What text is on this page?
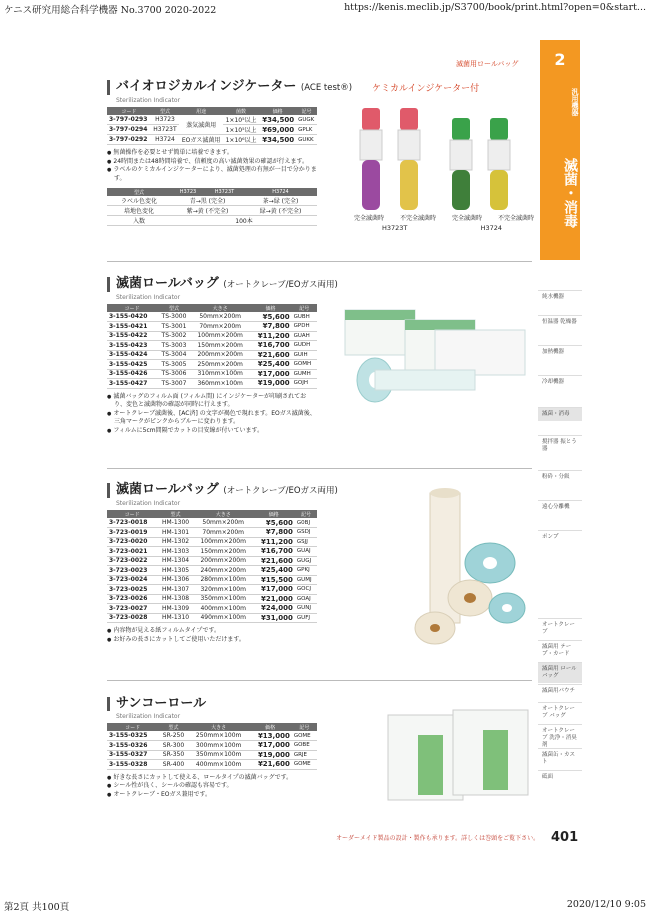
ケニス研究用総合科学機器 No.3700 2020-2022	https://kenis.meclib.jp/S3700/book/print.html?open=0&start...
滅菌用ロールバッグ
バイオロジカルインジケーター (ACE test®)
Sterilization Indicator
コード	型式	用途	菌数	価格	記号
3-797-0293	H3723	蒸気滅菌用	1×10⁵以上	¥34,500	GUGK
3-797-0294	H3723T		1×10⁵以上	¥69,000	GPLK
3-797-0292	H3724	EOガス滅菌用	1×10⁶以上	¥34,500	GUKK
● 無菌操作を必要とせず簡単に培養できます。
● 24時間または48時間培養で、信頼度の高い滅菌効果の確認が行えます。
● ラベルのケミカルインジケーターにより、滅菌処理の有無が一目で分かります。
型式	H3723	H3723T	H3724
ラベル色変化	青→黒 (完全)		茶→緑 (完全)
培地色変化	紫→黄 (不完全)		緑→黄 (不完全)
入数	100本		
ケミカルインジケーター付
完全滅菌時	不完全滅菌時	完全滅菌時	不完全滅菌時
H3723T	H3724
滅菌ロールバッグ (オートクレーブ/EOガス両用)
Sterilization Indicator
コード	型式	大きさ	価格	記号
3-155-0420	TS-3000	50mm×200m	¥5,600	GUBH
3-155-0421	TS-3001	70mm×200m	¥7,800	GPDH
3-155-0422	TS-3002	100mm×200m	¥11,200	GUAH
3-155-0423	TS-3003	150mm×200m	¥16,700	GUDH
3-155-0424	TS-3004	200mm×200m	¥21,600	GUIH
3-155-0425	TS-3005	250mm×200m	¥25,400	GOMH
3-155-0426	TS-3006	310mm×100m	¥17,000	GUMH
3-155-0427	TS-3007	360mm×100m	¥19,000	GOJH
● 滅菌バッグのフィルム面 (フィルム間) にインジケーターが印刷されており、変色と滅菌物の確認が同時に行えます。
● オートクレーブ滅菌後、[AC済] の文字が褐色で現れます。EOガス滅菌後、三角マークがピンクからブルーに変わります。
● フィルムに5cm間隔でカットの目安線が付いています。
滅菌ロールバッグ (オートクレーブ/EOガス両用)
Sterilization Indicator
コード	型式	大きさ	価格	記号
3-723-0018	HM-1300	50mm×200m	¥5,600	G0BJ
3-723-0019	HM-1301	70mm×200m	¥7,800	GSDJ
3-723-0020	HM-1302	100mm×200m	¥11,200	GSJJ
3-723-0021	HM-1303	150mm×200m	¥16,700	GUAJ
3-723-0022	HM-1304	200mm×200m	¥21,600	GUGJ
3-723-0023	HM-1305	240mm×200m	¥25,400	GPKJ
3-723-0024	HM-1306	280mm×100m	¥15,500	GUMJ
3-723-0025	HM-1307	320mm×100m	¥17,000	GOCJ
3-723-0026	HM-1308	350mm×100m	¥21,000	GOAJ
3-723-0027	HM-1309	400mm×100m	¥24,000	GUNJ
3-723-0028	HM-1310	490mm×100m	¥31,000	GUFJ
● 内容物が見える紙フィルムタイプです。
● お好みの長さにカットしてご使用いただけます。
サンコーロール
Sterilization Indicator
コード	型式	大きさ	価格	記号
3-155-0325	SR-250	250mm×100m	¥13,000	GOME
3-155-0326	SR-300	300mm×100m	¥17,000	GOBE
3-155-0327	SR-350	350mm×100m	¥19,000	GRJE
3-155-0328	SR-400	400mm×100m	¥21,600	GOME
● 好きな長さにカットして使える、ロールタイプの滅菌バッグです。
● シール性が良く、シールの確認も容易です。
● オートクレーブ・EOガス兼用です。
2
汎用機器
滅菌・消毒
純水機器
恒温器 乾燥器
加熱機器
冷却機器
滅菌・消毒
撹拌器 振とう器
粉砕・分級
遠心分離機
ポンプ
オートクレーブ
滅菌用 テープ・カード
滅菌用 ロールバッグ
滅菌用パウチ
オートクレーブ バッグ
オートクレーブ 洗浄・消臭剤
滅菌缶・カスト
砥面
オーダーメイド製品の設計・製作も承ります。詳しくは巻頭をご覧下さい。 401
第2頁 共100頁	2020/12/10 9:05
